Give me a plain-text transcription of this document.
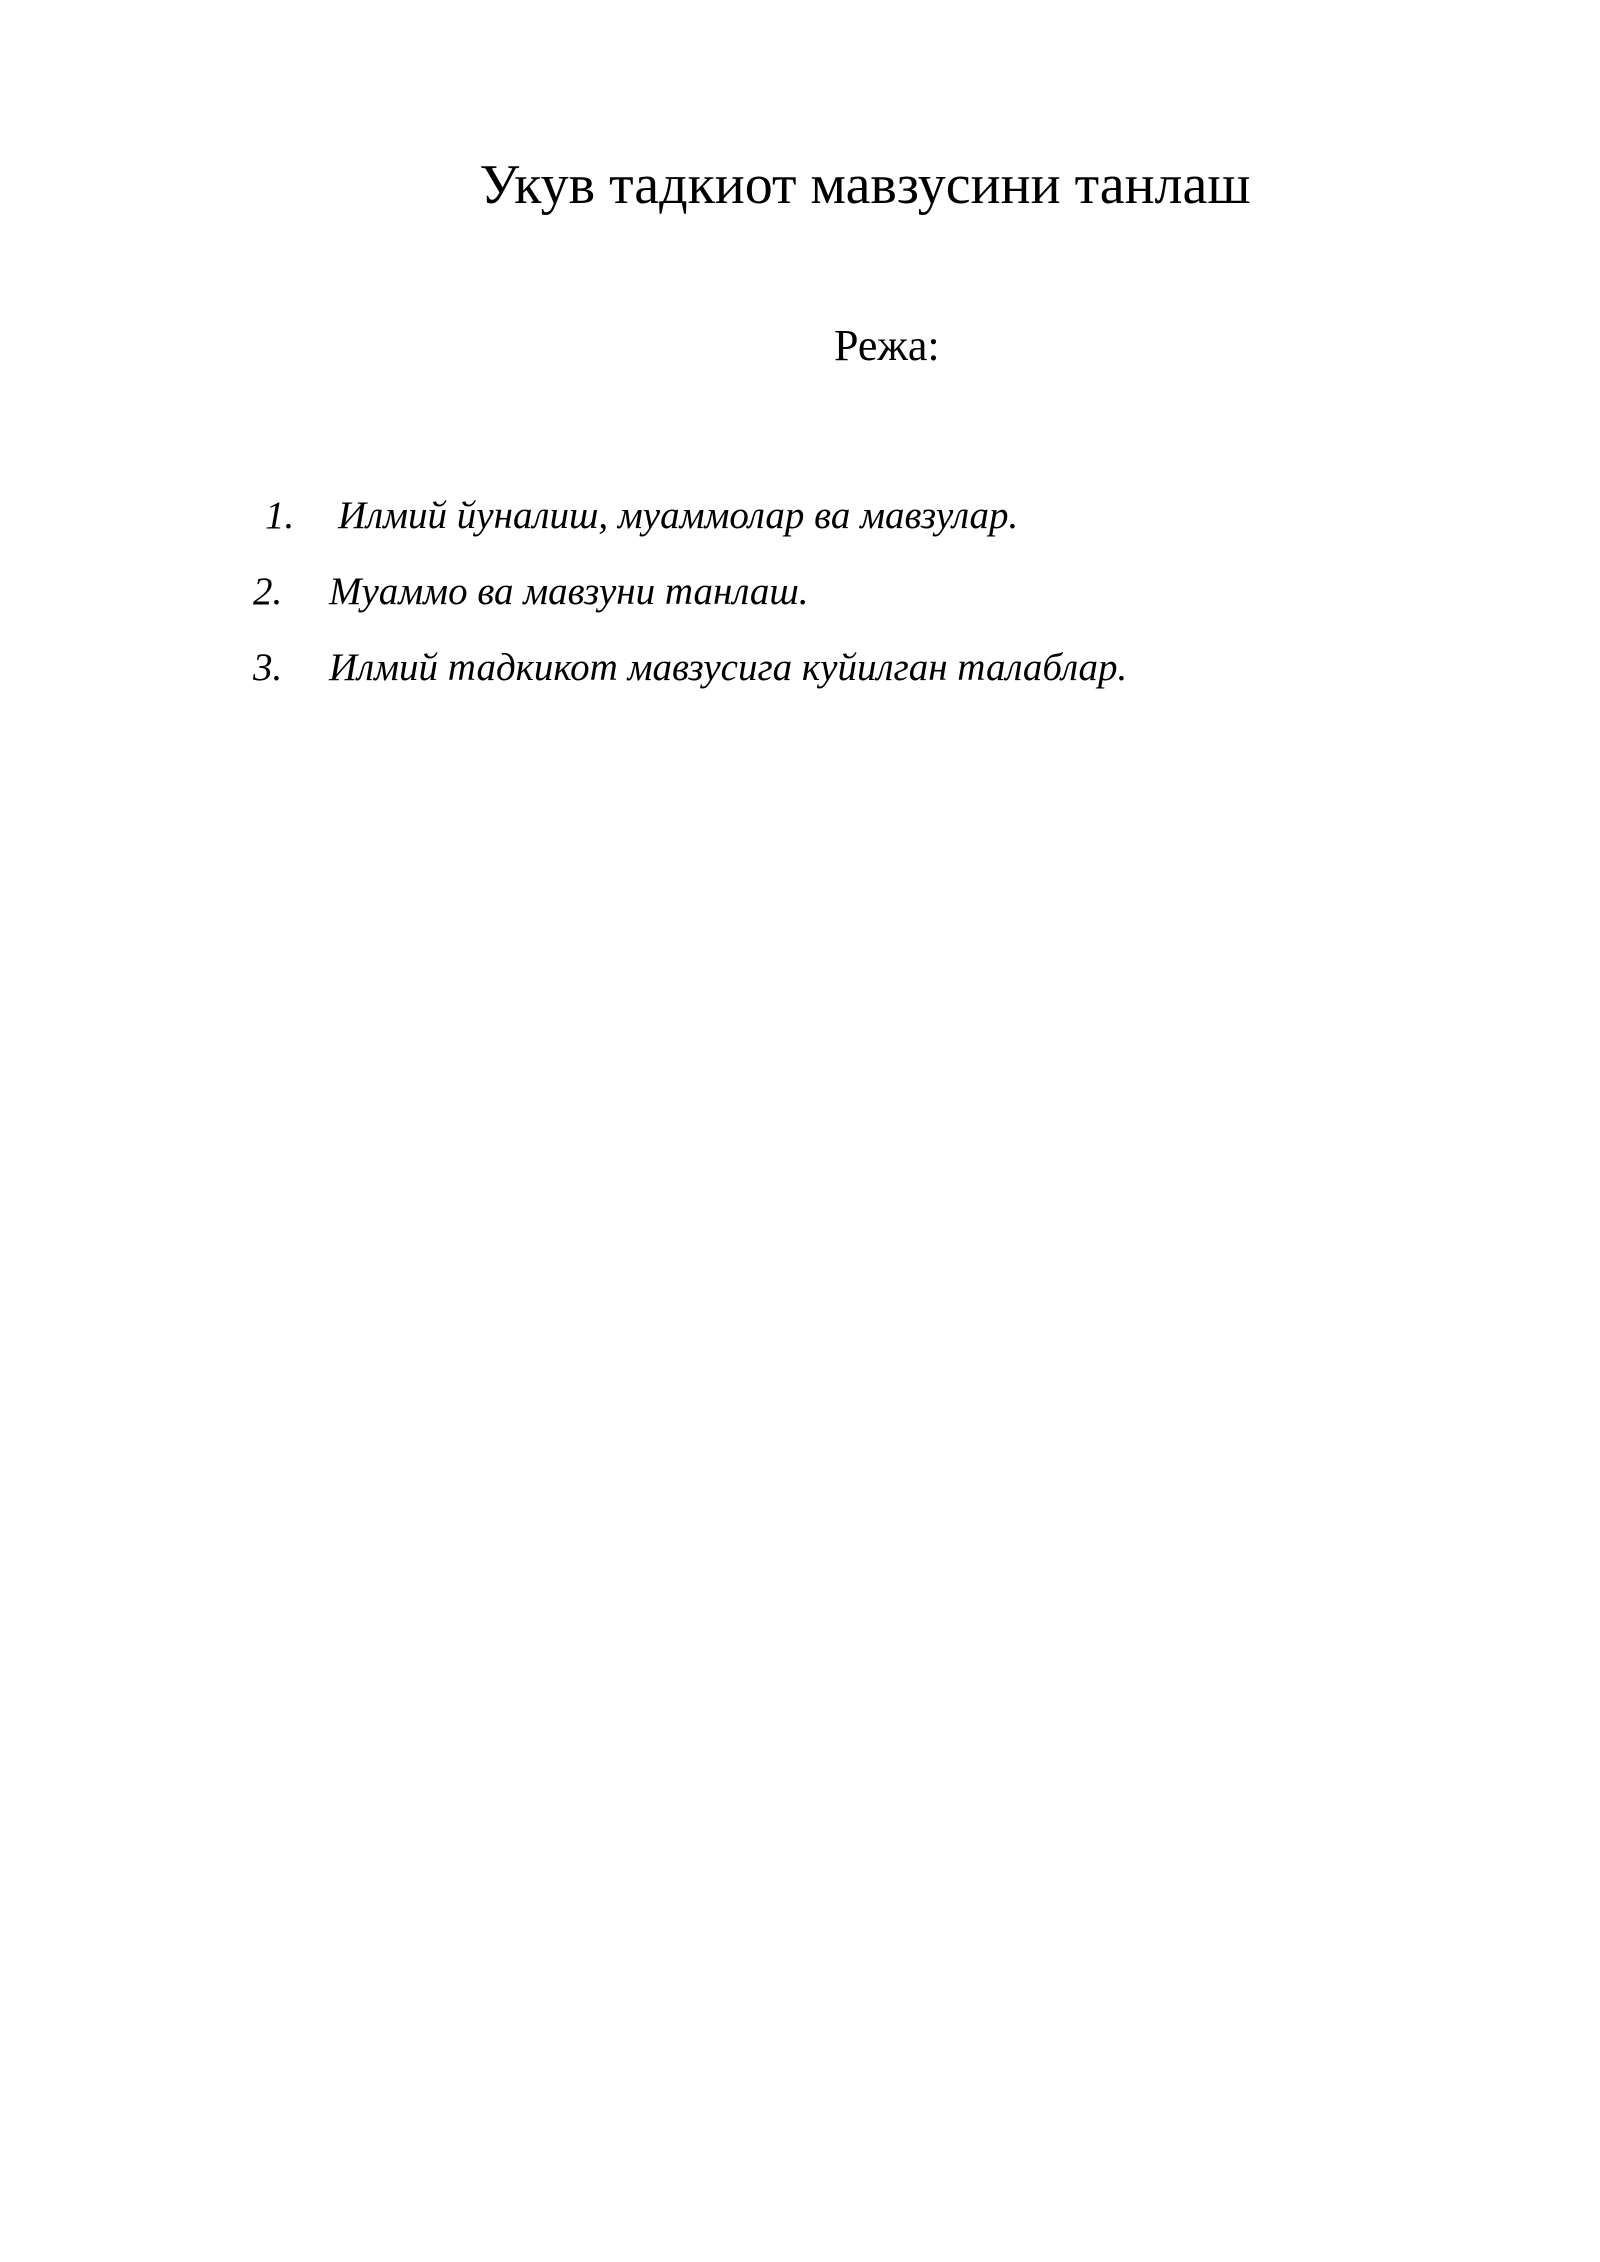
Укув тадкиот мавзусини танлаш
Режа:
1. Илмий йуналиш, муаммолар ва мавзулар.
2. Муаммо ва мавзуни танлаш.
3. Илмий тадкикот мавзусига куйилган талаблар.
